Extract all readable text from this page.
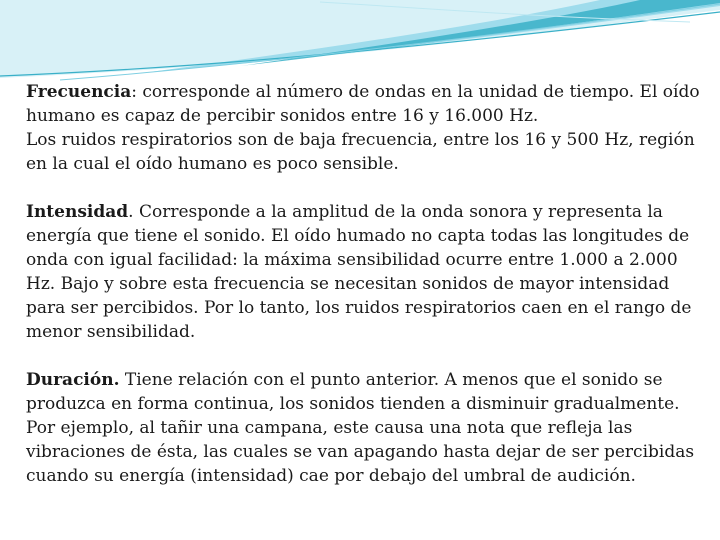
Frecuencia: corresponde al número de ondas en la unidad de tiempo. El oído humano es capaz de percibir sonidos entre 16 y 16.000 Hz.

Los ruidos respiratorios son de baja frecuencia, entre los 16 y 500 Hz, región en la cual el oído humano es poco sensible.

Intensidad. Corresponde a la amplitud de la onda sonora y representa la energía que tiene el sonido. El oído humado no capta todas las longitudes de onda con igual facilidad: la máxima sensibilidad ocurre entre 1.000 a 2.000 Hz. Bajo y sobre esta frecuencia se necesitan sonidos de mayor intensidad para ser percibidos. Por lo tanto, los ruidos respiratorios caen en el rango de menor sensibilidad.

Duración. Tiene relación con el punto anterior. A menos que el sonido se produzca en forma continua, los sonidos tienden a disminuir gradualmente. Por ejemplo, al tañir una campana, este causa una nota que refleja las vibraciones de ésta, las cuales se van apagando hasta dejar de ser percibidas cuando su energía (intensidad) cae por debajo del umbral de audición.
